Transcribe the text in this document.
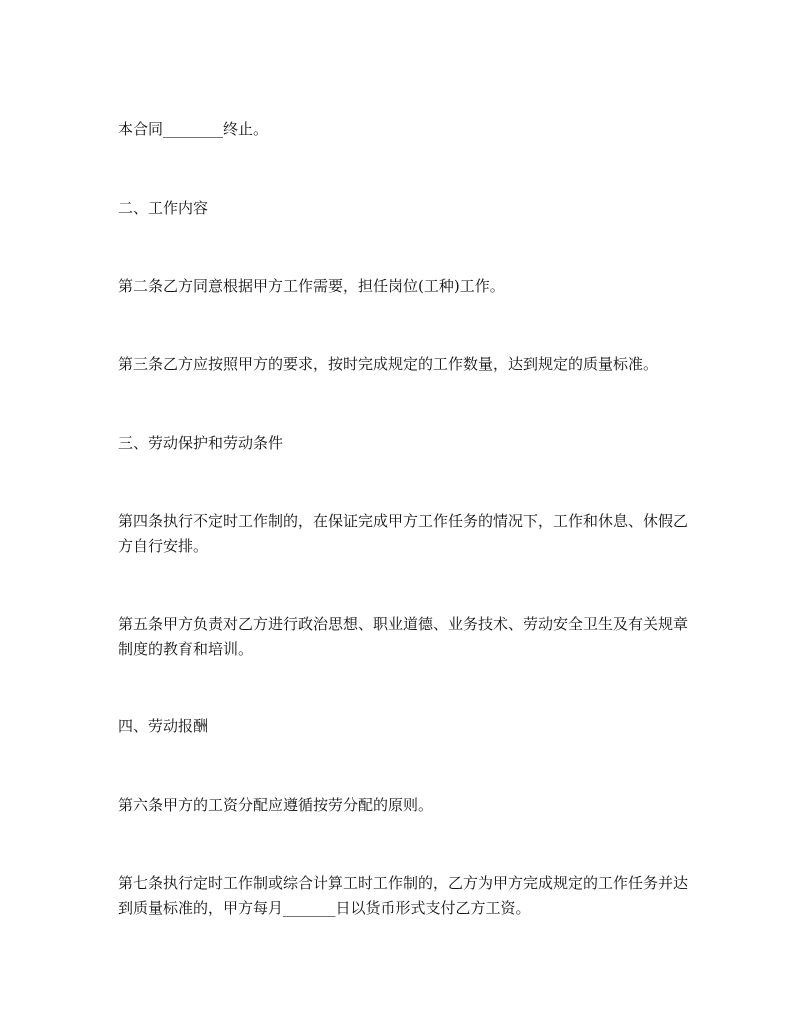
本合同________终止。

二、工作内容

第二条乙方同意根据甲方工作需要，担任岗位(工种)工作。

第三条乙方应按照甲方的要求，按时完成规定的工作数量，达到规定的质量标准。

三、劳动保护和劳动条件

第四条执行不定时工作制的，在保证完成甲方工作任务的情况下，工作和休息、休假乙方自行安排。

第五条甲方负责对乙方进行政治思想、职业道德、业务技术、劳动安全卫生及有关规章制度的教育和培训。

四、劳动报酬

第六条甲方的工资分配应遵循按劳分配的原则。

第七条执行定时工作制或综合计算工时工作制的，乙方为甲方完成规定的工作任务并达到质量标准的，甲方每月_______日以货币形式支付乙方工资。
